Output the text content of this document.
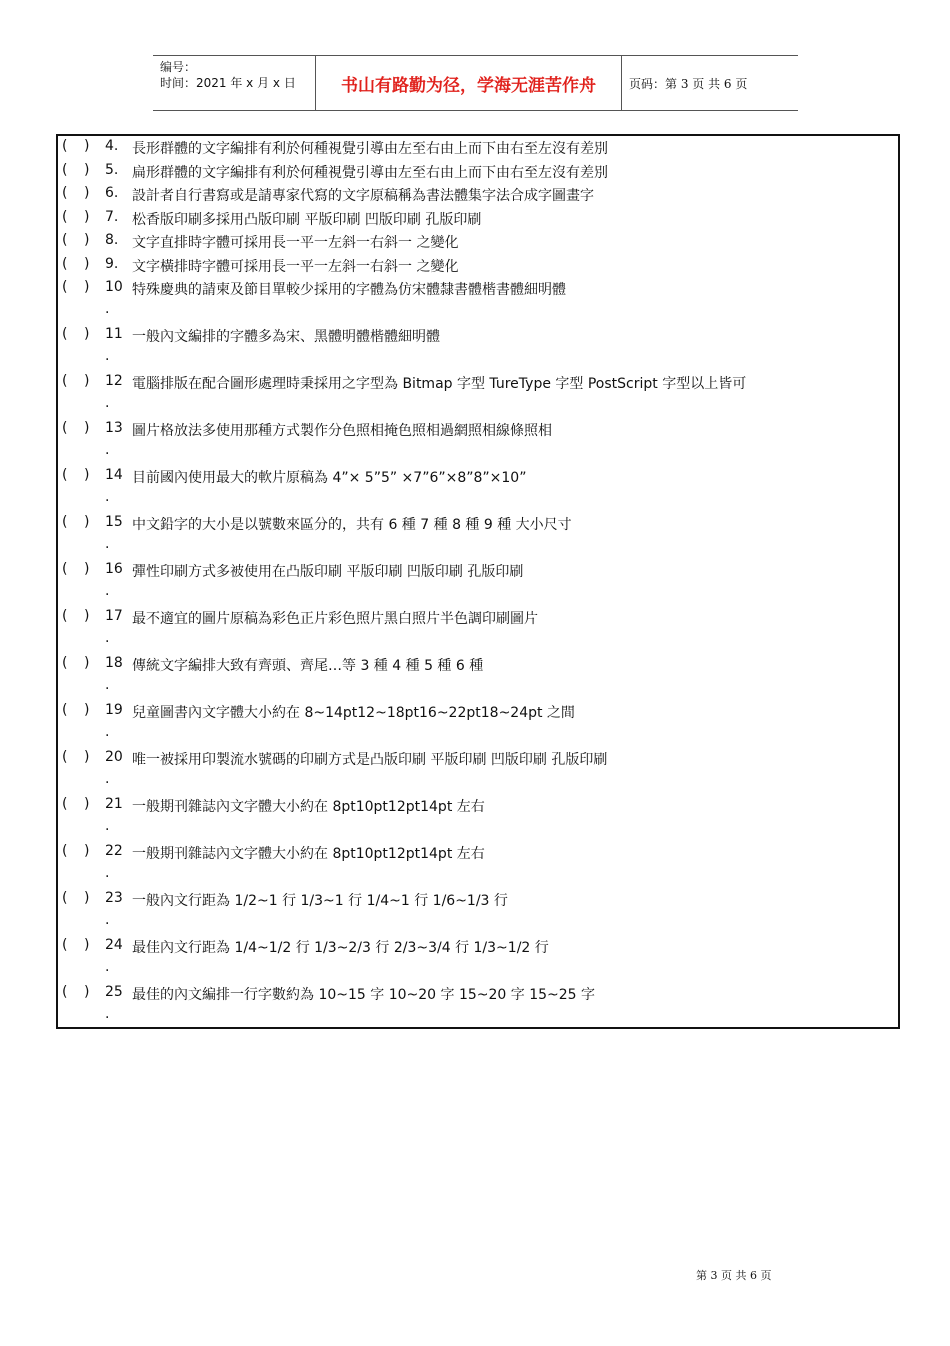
编号：
时间：2021 年 x 月 x 日	书山有路勤为径，学海无涯苦作舟	页码：第 3 页 共 6 页
( ) 4. 長形群體的文字編排有利於何種視覺引導由左至右由上而下由右至左沒有差別
( ) 5. 扁形群體的文字編排有利於何種視覺引導由左至右由上而下由右至左沒有差別
( ) 6. 設計者自行書寫或是請專家代寫的文字原稿稱為書法體集字法合成字圖畫字
( ) 7. 松香版印刷多採用凸版印刷 平版印刷 凹版印刷 孔版印刷
( ) 8. 文字直排時字體可採用長一平一左斜一右斜一 之變化
( ) 9. 文字橫排時字體可採用長一平一左斜一右斜一 之變化
( ) 10 特殊慶典的請柬及節目單較少採用的字體為仿宋體隸書體楷書體細明體
.
( ) 11 一般內文編排的字體多為宋、黑體明體楷體細明體
.
( ) 12 電腦排版在配合圖形處理時秉採用之字型為 Bitmap 字型 TureType 字型 PostScript 字型以上皆可
.
( ) 13 圖片格放法多使用那種方式製作分色照相掩色照相過網照相線條照相
.
( ) 14 目前國內使用最大的軟片原稿為 4”× 5”5” ×7”6”×8”8”×10”
.
( ) 15 中文鉛字的大小是以號數來區分的，共有 6 種 7 種 8 種 9 種 大小尺寸
.
( ) 16 彈性印刷方式多被使用在凸版印刷 平版印刷 凹版印刷 孔版印刷
.
( ) 17 最不適宜的圖片原稿為彩色正片彩色照片黑白照片半色調印刷圖片
.
( ) 18 傳統文字編排大致有齊頭、齊尾…等 3 種 4 種 5 種 6 種
.
( ) 19 兒童圖書內文字體大小約在 8~14pt12~18pt16~22pt18~24pt 之間
.
( ) 20 唯一被採用印製流水號碼的印刷方式是凸版印刷 平版印刷 凹版印刷 孔版印刷
.
( ) 21 一般期刊雜誌內文字體大小約在 8pt10pt12pt14pt 左右
.
( ) 22 一般期刊雜誌內文字體大小約在 8pt10pt12pt14pt 左右
.
( ) 23 一般內文行距為 1/2~1 行 1/3~1 行 1/4~1 行 1/6~1/3 行
.
( ) 24 最佳內文行距為 1/4~1/2 行 1/3~2/3 行 2/3~3/4 行 1/3~1/2 行
.
( ) 25 最佳的內文編排一行字數約為 10~15 字 10~20 字 15~20 字 15~25 字
.
第 3 页 共 6 页
